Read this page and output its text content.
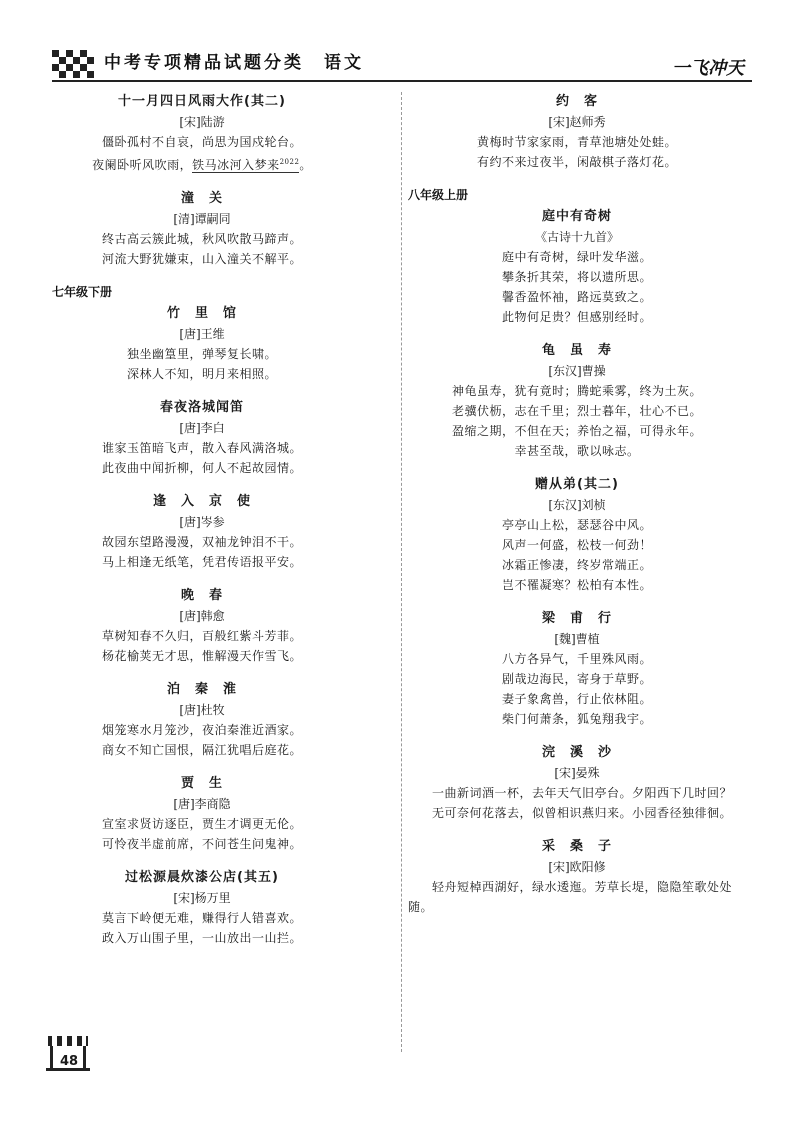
中考专项精品试题分类　语文	一飞冲天
十一月四日风雨大作(其二)
[宋]陆游
僵卧孤村不自哀，尚思为国戍轮台。
夜阑卧听风吹雨，铁马冰河入梦来$^{2022}$。
潼　关
[清]谭嗣同
终古高云簇此城，秋风吹散马蹄声。
河流大野犹嫌束，山入潼关不解平。
七年级下册
竹　里　馆
[唐]王维
独坐幽篁里，弹琴复长啸。
深林人不知，明月来相照。
春夜洛城闻笛
[唐]李白
谁家玉笛暗飞声，散入春风满洛城。
此夜曲中闻折柳，何人不起故园情。
逢　入　京　使
[唐]岑参
故园东望路漫漫，双袖龙钟泪不干。
马上相逢无纸笔，凭君传语报平安。
晚　春
[唐]韩愈
草树知春不久归，百般红紫斗芳菲。
杨花榆荚无才思，惟解漫天作雪飞。
泊　秦　淮
[唐]杜牧
烟笼寒水月笼沙，夜泊秦淮近酒家。
商女不知亡国恨，隔江犹唱后庭花。
贾　生
[唐]李商隐
宣室求贤访逐臣，贾生才调更无伦。
可怜夜半虚前席，不问苍生问鬼神。
过松源晨炊漆公店(其五)
[宋]杨万里
莫言下岭便无难，赚得行人错喜欢。
政入万山围子里，一山放出一山拦。
约　客
[宋]赵师秀
黄梅时节家家雨，青草池塘处处蛙。
有约不来过夜半，闲敲棋子落灯花。
八年级上册
庭中有奇树
《古诗十九首》
庭中有奇树，绿叶发华滋。
攀条折其荣，将以遗所思。
馨香盈怀袖，路远莫致之。
此物何足贵？但感别经时。
龟　虽　寿
[东汉]曹操
神龟虽寿，犹有竟时；腾蛇乘雾，终为土灰。
老骥伏枥，志在千里；烈士暮年，壮心不已。
盈缩之期，不但在天；养怡之福，可得永年。
幸甚至哉，歌以咏志。
赠从弟(其二)
[东汉]刘桢
亭亭山上松，瑟瑟谷中风。
风声一何盛，松枝一何劲！
冰霜正惨凄，终岁常端正。
岂不罹凝寒？松柏有本性。
梁　甫　行
[魏]曹植
八方各异气，千里殊风雨。
剧哉边海民，寄身于草野。
妻子象禽兽，行止依林阻。
柴门何萧条，狐兔翔我宇。
浣　溪　沙
[宋]晏殊
一曲新词酒一杯，去年天气旧亭台。夕阳西下几时回？
无可奈何花落去，似曾相识燕归来。小园香径独徘徊。
采　桑　子
[宋]欧阳修
轻舟短棹西湖好，绿水逶迤。芳草长堤，隐隐笙歌处处随。
48
